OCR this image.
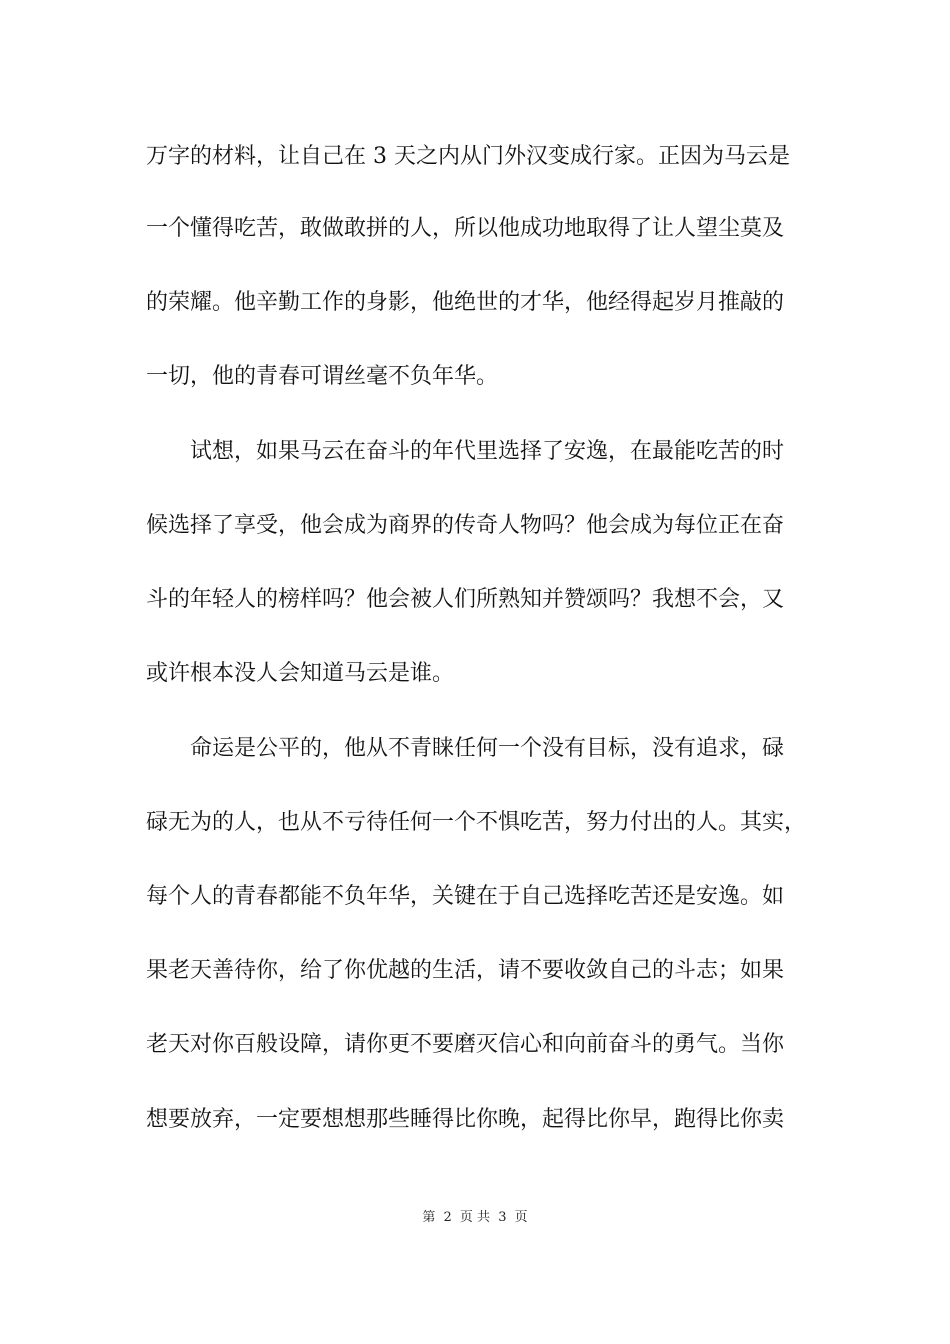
万字的材料，让自己在 3 天之内从门外汉变成行家。正因为马云是
一个懂得吃苦，敢做敢拼的人，所以他成功地取得了让人望尘莫及
的荣耀。他辛勤工作的身影，他绝世的才华，他经得起岁月推敲的
一切，他的青春可谓丝毫不负年华。
试想，如果马云在奋斗的年代里选择了安逸，在最能吃苦的时
候选择了享受，他会成为商界的传奇人物吗？他会成为每位正在奋
斗的年轻人的榜样吗？他会被人们所熟知并赞颂吗？我想不会，又
或许根本没人会知道马云是谁。
命运是公平的，他从不青睐任何一个没有目标，没有追求，碌
碌无为的人，也从不亏待任何一个不惧吃苦，努力付出的人。其实，
每个人的青春都能不负年华，关键在于自己选择吃苦还是安逸。如
果老天善待你，给了你优越的生活，请不要收敛自己的斗志；如果
老天对你百般设障，请你更不要磨灭信心和向前奋斗的勇气。当你
想要放弃，一定要想想那些睡得比你晚，起得比你早，跑得比你卖
第 2 页 共 3 页
